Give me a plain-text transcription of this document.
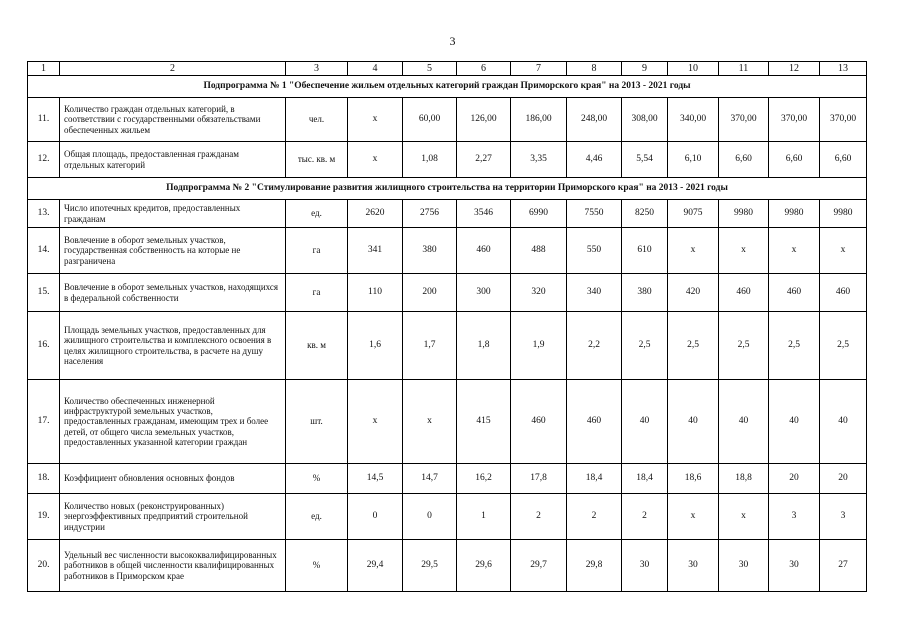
3
1	2	3	4	5	6	7	8	9	10	11	12	13
Подпрограмма № 1 "Обеспечение жильем отдельных категорий граждан Приморского края" на 2013 - 2021 годы												
11.	Количество граждан отдельных категорий, в соответствии с государственными обязательствами обеспеченных жильем	чел.	х	60,00	126,00	186,00	248,00	308,00	340,00	370,00	370,00	370,00
12.	Общая площадь, предоставленная гражданам отдельных категорий	тыс. кв. м	х	1,08	2,27	3,35	4,46	5,54	6,10	6,60	6,60	6,60
Подпрограмма № 2 "Стимулирование развития жилищного строительства на территории Приморского края" на 2013 - 2021 годы												
13.	Число ипотечных кредитов, предоставленных гражданам	ед.	2620	2756	3546	6990	7550	8250	9075	9980	9980	9980
14.	Вовлечение в оборот земельных участков, государственная собственность на которые не разграничена	га	341	380	460	488	550	610	х	х	х	х
15.	Вовлечение в оборот земельных участков, находящихся в федеральной собственности	га	110	200	300	320	340	380	420	460	460	460
16.	Площадь земельных участков, предоставленных для жилищного строительства и комплексного освоения в целях жилищного строительства, в расчете на душу населения	кв. м	1,6	1,7	1,8	1,9	2,2	2,5	2,5	2,5	2,5	2,5
17.	Количество обеспеченных инженерной инфраструктурой земельных участков, предоставленных гражданам, имеющим трех и более детей, от общего числа земельных участков, предоставленных указанной категории граждан	шт.	х	х	415	460	460	40	40	40	40	40
18.	Коэффициент обновления основных фондов	%	14,5	14,7	16,2	17,8	18,4	18,4	18,6	18,8	20	20
19.	Количество новых (реконструированных) энергоэффективных предприятий строительной индустрии	ед.	0	0	1	2	2	2	х	х	3	3
20.	Удельный вес численности высококвалифицированных работников в общей численности квалифицированных работников в Приморском крае	%	29,4	29,5	29,6	29,7	29,8	30	30	30	30	27
